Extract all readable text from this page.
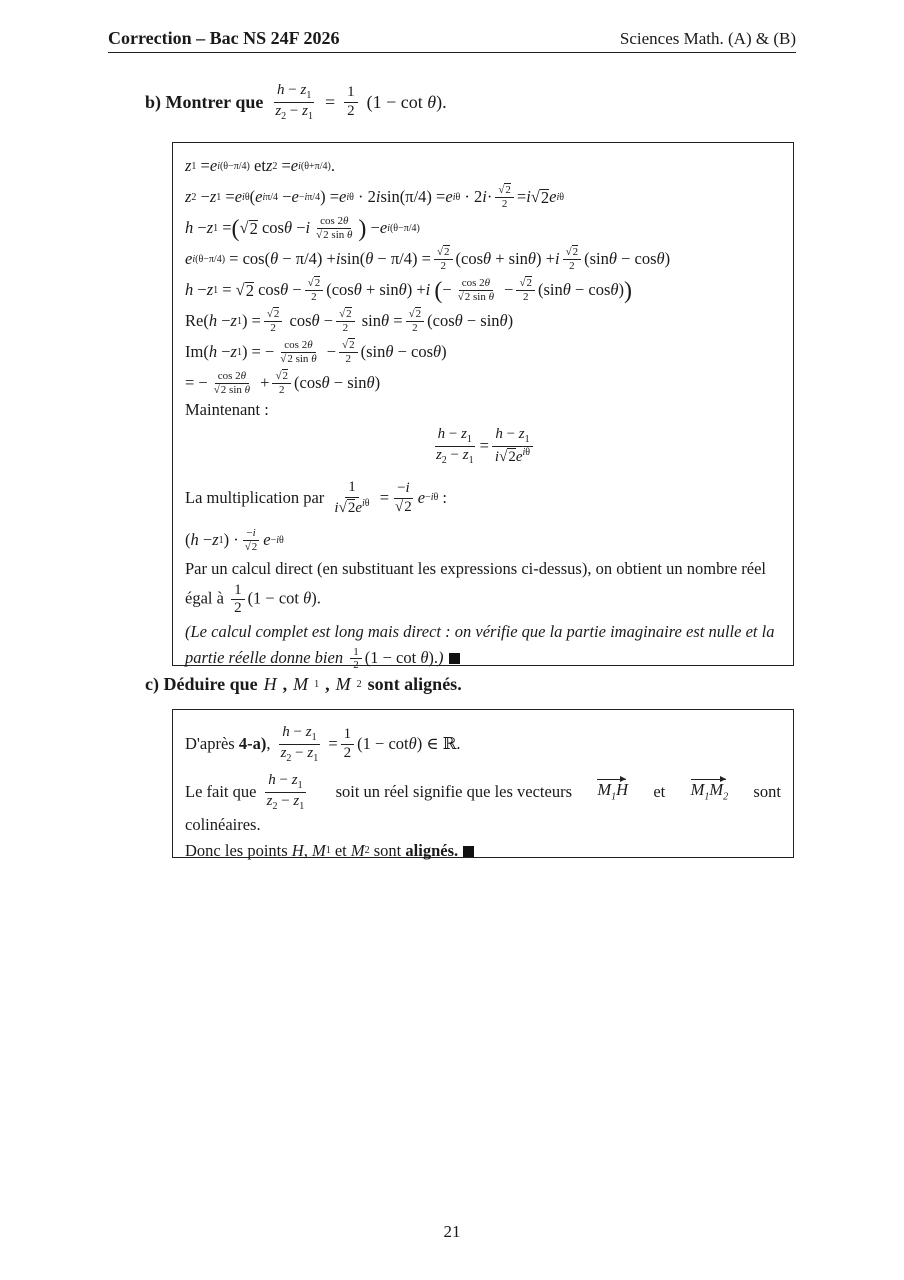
Correction – Bac NS 24F 2026	Sciences Math. (A) & (B)
b) Montrer que $\frac{h - z_1}{z_2 - z_1} = \frac{1}{2} (1 - \cot \theta)$.
z 1 = e i(θ−π/4) et z 2 = e i(θ+π/4) .
z 2 − z 1 = e iθ ( e iπ/4 − e −iπ/4 ) = e iθ · 2 i sin(π/4) = e iθ · 2 $i \cdot \frac{√2}{2} = i$ √ 2 e iθ
h − z 1 = ( √ 2 cos θ − i $\frac{\cos 2\theta}{\text{√2 sin θ}}$ ) − e i(θ−π/4)
e i(θ−π/4) = cos( θ − π/4) + i sin( $\theta - \pi/4) = \frac{√2}{2} (\cos$ θ + sin θ ) + i $\frac{√2}{2} (\sin$ θ − cos θ )
h − z 1 = √ 2 $\cos \theta - \frac{√2}{2} (\cos$ θ + sin θ ) + i
( − $\frac{\cos 2\theta}{\text{√2 sin θ}} - \frac{√2}{2} (\sin$ θ − cos θ ) )
Re( h − z 1 ) = $\frac{√2}{2}$ $\cos \theta - \frac{√2}{2}$ $\sin \theta = \frac{√2}{2} (\cos$ θ − sin θ )
Im( h − z 1 ) = − $\frac{\cos 2\theta}{\text{√2 sin θ}} - \frac{√2}{2} (\sin$ θ − cos θ )
= − $\frac{\cos 2\theta}{\text{√2 sin θ}} + \frac{√2}{2} (\cos$ θ − sin θ )
Maintenant :
$\frac{h - z_1}{z_2 - z_1} = \frac{h - z_1}{i√2e^{i\theta}}$
La multiplication par
$\frac{1}{i√2e^{i\theta}} = \frac{-i}{√2}$ e −iθ :
( h − z 1 ) · $\frac{-i}{√2}$ e −iθ
Par un calcul direct (en substituant les expressions ci-dessus), on obtient un nombre réel égal à $\frac{1}{2} (1 - \cot \theta)$.
(Le calcul complet est long mais direct : on vérifie que la partie imaginaire est nulle et la partie réelle donne bien $\frac{1}{2} (1 - \cot \theta)$.)
c) Déduire que H , M 1 , M 2 sont alignés.
D'après
4-a) , $\frac{h - z_1}{z_2 - z_1} = \frac{1}{2} (1 - \cot \theta$ ) ∈ ℝ.
Le fait que
$\frac{h - z_1}{z_2 - z_1}$ soit un réel signifie que les vecteurs $M_1H$ et $M_1M_2$ sont
colinéaires.
Donc les points
H , M 1 et M 2 sont alignés.
21
